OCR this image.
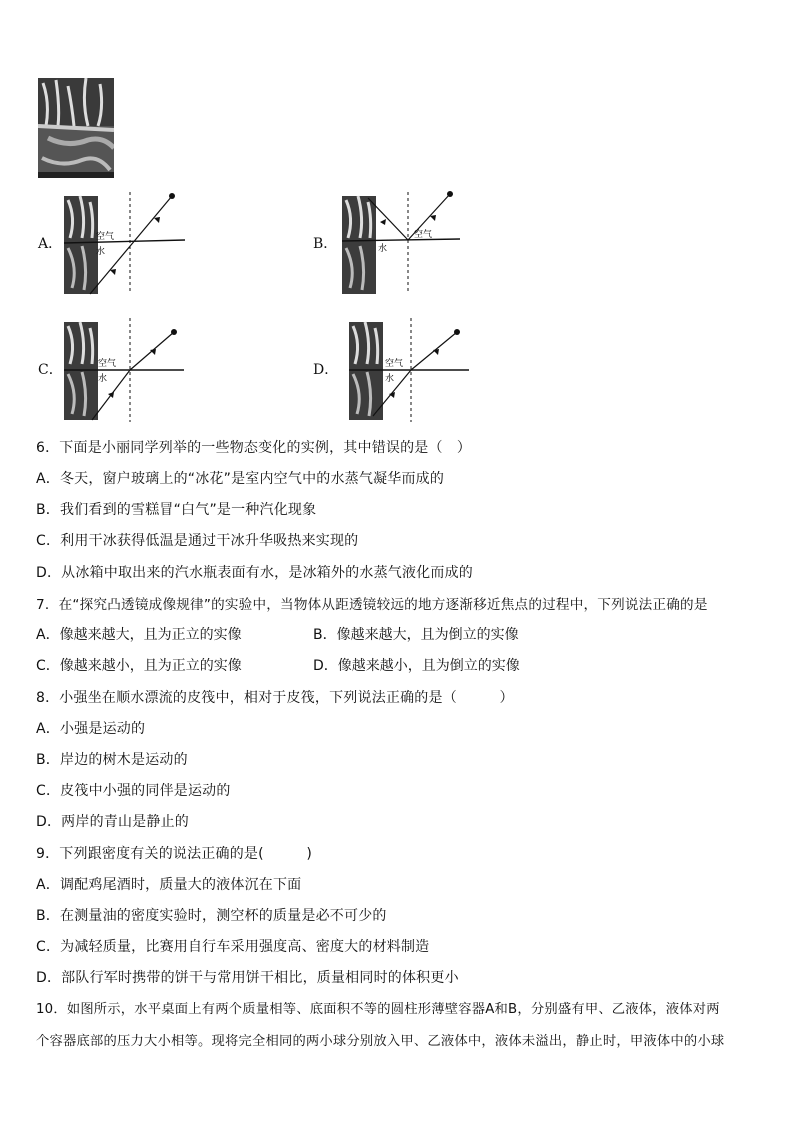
A．	空气
水	B．
空气
水
C．	空气
水
D．	空气
水
6．下面是小丽同学列举的一些物态变化的实例，其中错误的是（　）
A．冬天，窗户玻璃上的“冰花”是室内空气中的水蒸气凝华而成的
B．我们看到的雪糕冒“白气”是一种汽化现象
C．利用干冰获得低温是通过干冰升华吸热来实现的
D．从冰箱中取出来的汽水瓶表面有水，是冰箱外的水蒸气液化而成的
7．在“探究凸透镜成像规律”的实验中，当物体从距透镜较远的地方逐渐移近焦点的过程中，下列说法正确的是
A．像越来越大，且为正立的实像	B．像越来越大，且为倒立的实像
C．像越来越小，且为正立的实像	D．像越来越小，且为倒立的实像
8．小强坐在顺水漂流的皮筏中，相对于皮筏，下列说法正确的是（　　　）
A．小强是运动的
B．岸边的树木是运动的
C．皮筏中小强的同伴是运动的
D．两岸的青山是静止的
9．下列跟密度有关的说法正确的是(　　　)
A．调配鸡尾酒时，质量大的液体沉在下面
B．在测量油的密度实验时，测空杯的质量是必不可少的
C．为减轻质量，比赛用自行车采用强度高、密度大的材料制造
D．部队行军时携带的饼干与常用饼干相比，质量相同时的体积更小
10．如图所示，水平桌面上有两个质量相等、底面积不等的圆柱形薄壁容器A和B，分别盛有甲、乙液体，液体对两
个容器底部的压力大小相等。现将完全相同的两小球分别放入甲、乙液体中，液体未溢出，静止时，甲液体中的小球
